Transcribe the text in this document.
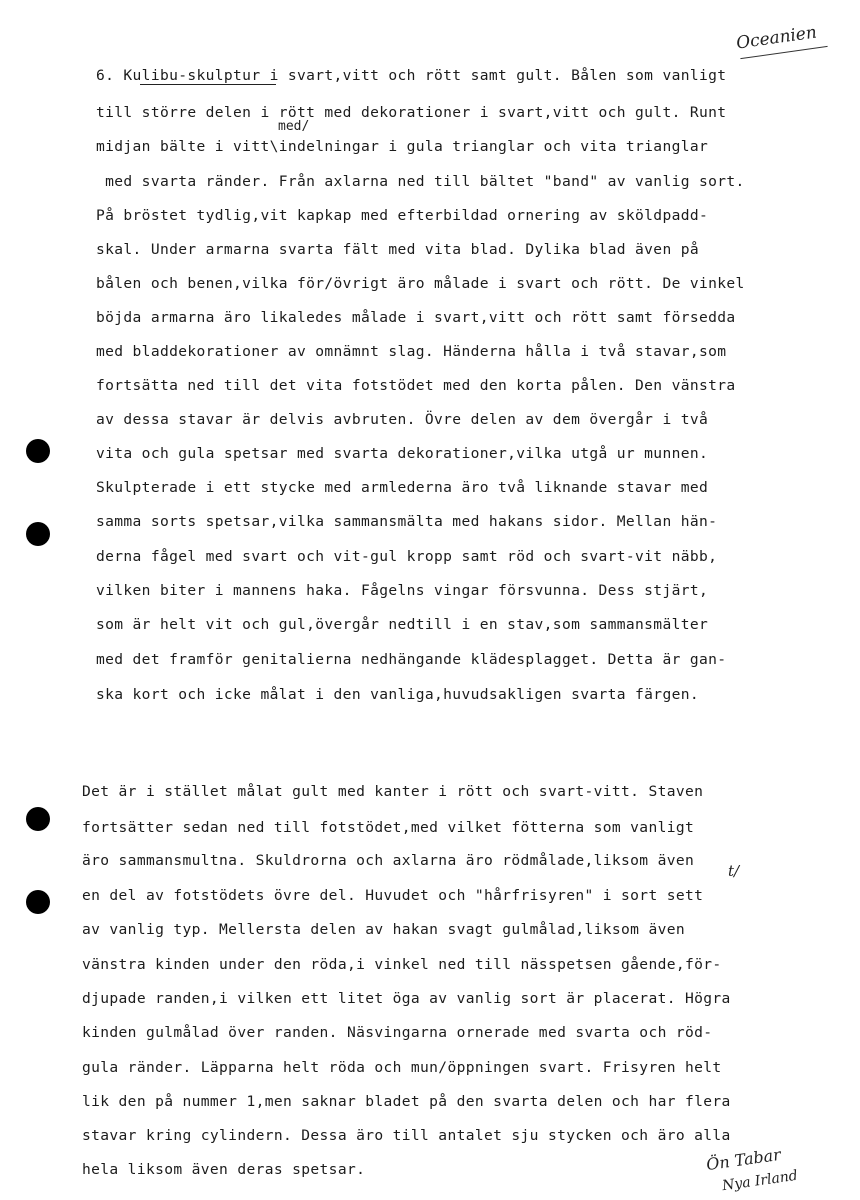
Oceanien
med/
t/
6. Kulibu-skulptur i svart,vitt och rött samt gult. Bålen som vanligt
till större delen i rött med dekorationer i svart,vitt och gult. Runt
midjan bälte i vitt\indelningar i gula trianglar och vita trianglar
med svarta ränder. Från axlarna ned till bältet "band" av vanlig sort.
På bröstet tydlig,vit kapkap med efterbildad ornering av sköldpadd-
skal. Under armarna svarta fält med vita blad. Dylika blad även på
bålen och benen,vilka för/övrigt äro målade i svart och rött. De vinkel
böjda armarna äro likaledes målade i svart,vitt och rött samt försedda
med bladdekorationer av omnämnt slag. Händerna hålla i två stavar,som
fortsätta ned till det vita fotstödet med den korta pålen. Den vänstra
av dessa stavar är delvis avbruten. Övre delen av dem övergår i två
vita och gula spetsar med svarta dekorationer,vilka utgå ur munnen.
Skulpterade i ett stycke med armlederna äro två liknande stavar med
samma sorts spetsar,vilka sammansmälta med hakans sidor. Mellan hän-
derna fågel med svart och vit-gul kropp samt röd och svart-vit näbb,
vilken biter i mannens haka. Fågelns vingar försvunna. Dess stjärt,
som är helt vit och gul,övergår nedtill i en stav,som sammansmälter
med det framför genitalierna nedhängande klädesplagget. Detta är gan-
ska kort och icke målat i den vanliga,huvudsakligen svarta färgen.
Det är i stället målat gult med kanter i rött och svart-vitt. Staven
fortsätter sedan ned till fotstödet,med vilket fötterna som vanligt
äro sammansmultna. Skuldrorna och axlarna äro rödmålade,liksom även
en del av fotstödets övre del. Huvudet och "hårfrisyren" i sort sett
av vanlig typ. Mellersta delen av hakan svagt gulmålad,liksom även
vänstra kinden under den röda,i vinkel ned till nässpetsen gående,för-
djupade randen,i vilken ett litet öga av vanlig sort är placerat. Högra
kinden gulmålad över randen. Näsvingarna ornerade med svarta och röd-
gula ränder. Läpparna helt röda och mun/öppningen svart. Frisyren helt
lik den på nummer 1,men saknar bladet på den svarta delen och har flera
stavar kring cylindern. Dessa äro till antalet sju stycken och äro alla
hela liksom även deras spetsar.	Ön Tabar
Nya Irland
